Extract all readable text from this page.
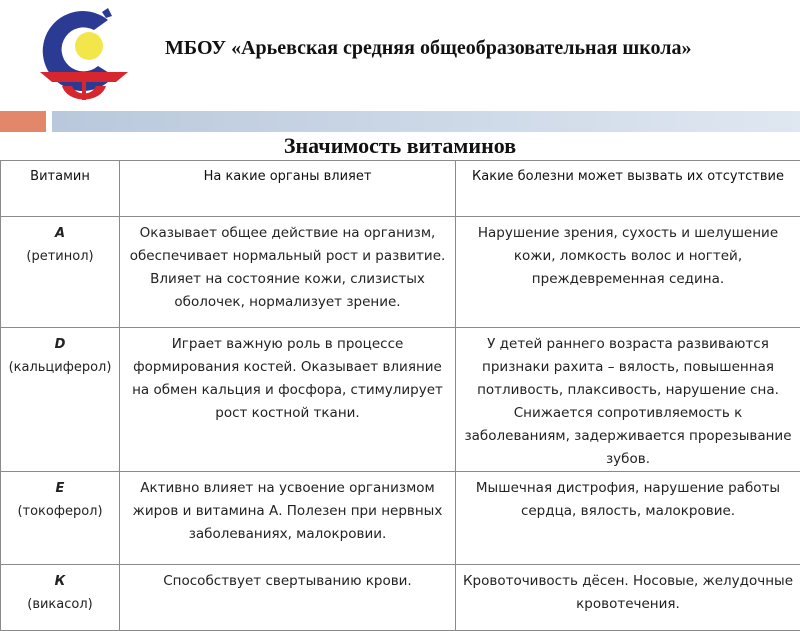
МБОУ «Арьевская средняя общеобразовательная школа»
Значимость витаминов
Витамин	На какие органы влияет	Какие болезни может вызвать их отсутствие

А
(ретинол)	Оказывает общее действие на организм, обеспечивает нормальный рост и развитие. Влияет на состояние кожи, слизистых оболочек, нормализует зрение.	Нарушение зрения, сухость и шелушение кожи, ломкость волос и ногтей, преждевременная седина.

D
(кальциферол)	Играет важную роль в процессе формирования костей. Оказывает влияние на обмен кальция и фосфора, стимулирует рост костной ткани.	У детей раннего возраста развиваются признаки рахита – вялость, повышенная потливость, плаксивость, нарушение сна. Снижается сопротивляемость к заболеваниям, задерживается прорезывание зубов.

Е
(токоферол)	Активно влияет на усвоение организмом жиров и витамина А. Полезен при нервных заболеваниях, малокровии.	Мышечная дистрофия, нарушение работы сердца, вялость, малокровие.

К
(викасол)	Способствует свертыванию крови.	Кровоточивость дёсен. Носовые, желудочные кровотечения.
